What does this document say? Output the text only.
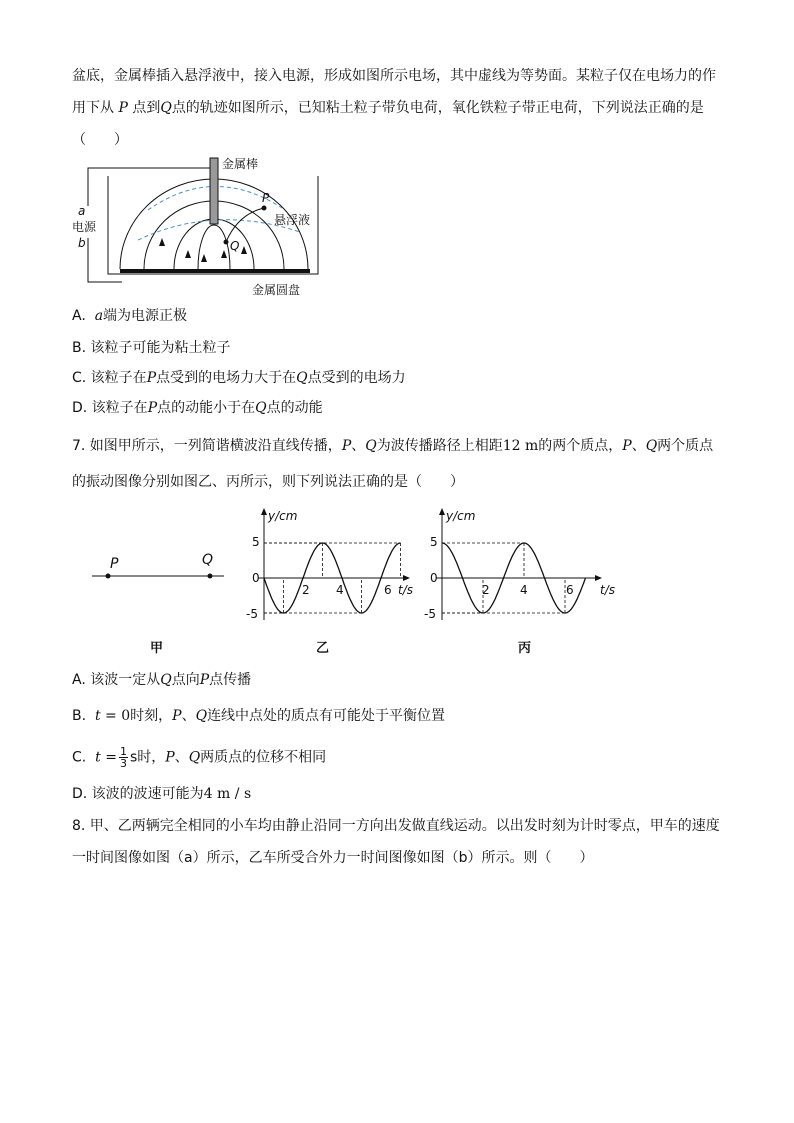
盆底，金属棒插入悬浮液中，接入电源，形成如图所示电场，其中虚线为等势面。某粒子仅在电场力的作
用下从 P 点到Q点的轨迹如图所示，已知粘土粒子带负电荷，氧化铁粒子带正电荷，下列说法正确的是
（　　）
金属棒
a
电源
b
P
Q
悬浮液
金属圆盘
A. a端为电源正极
B. 该粒子可能为粘土粒子
C. 该粒子在P点受到的电场力大于在Q点受到的电场力
D. 该粒子在P点的动能小于在Q点的动能
7. 如图甲所示，一列简谐横波沿直线传播，P、Q为波传播路径上相距12 m的两个质点，P、Q两个质点
的振动图像分别如图乙、丙所示，则下列说法正确的是（　　）
P	Q
甲
y/cm
t/s
5
-5
0
2 4	6
乙
y/cm
t/s
5
-5
0
2	4	6
丙
A. 该波一定从Q点向P点传播
B.  t = 0时刻，P、Q连线中点处的质点有可能处于平衡位置
C.  $t = \frac{1}{3}$ s时，P、Q两质点的位移不相同
D. 该波的波速可能为4 m / s
8. 甲、乙两辆完全相同的小车均由静止沿同一方向出发做直线运动。以出发时刻为计时零点，甲车的速度
一时间图像如图（a）所示，乙车所受合外力一时间图像如图（b）所示。则（　　）
